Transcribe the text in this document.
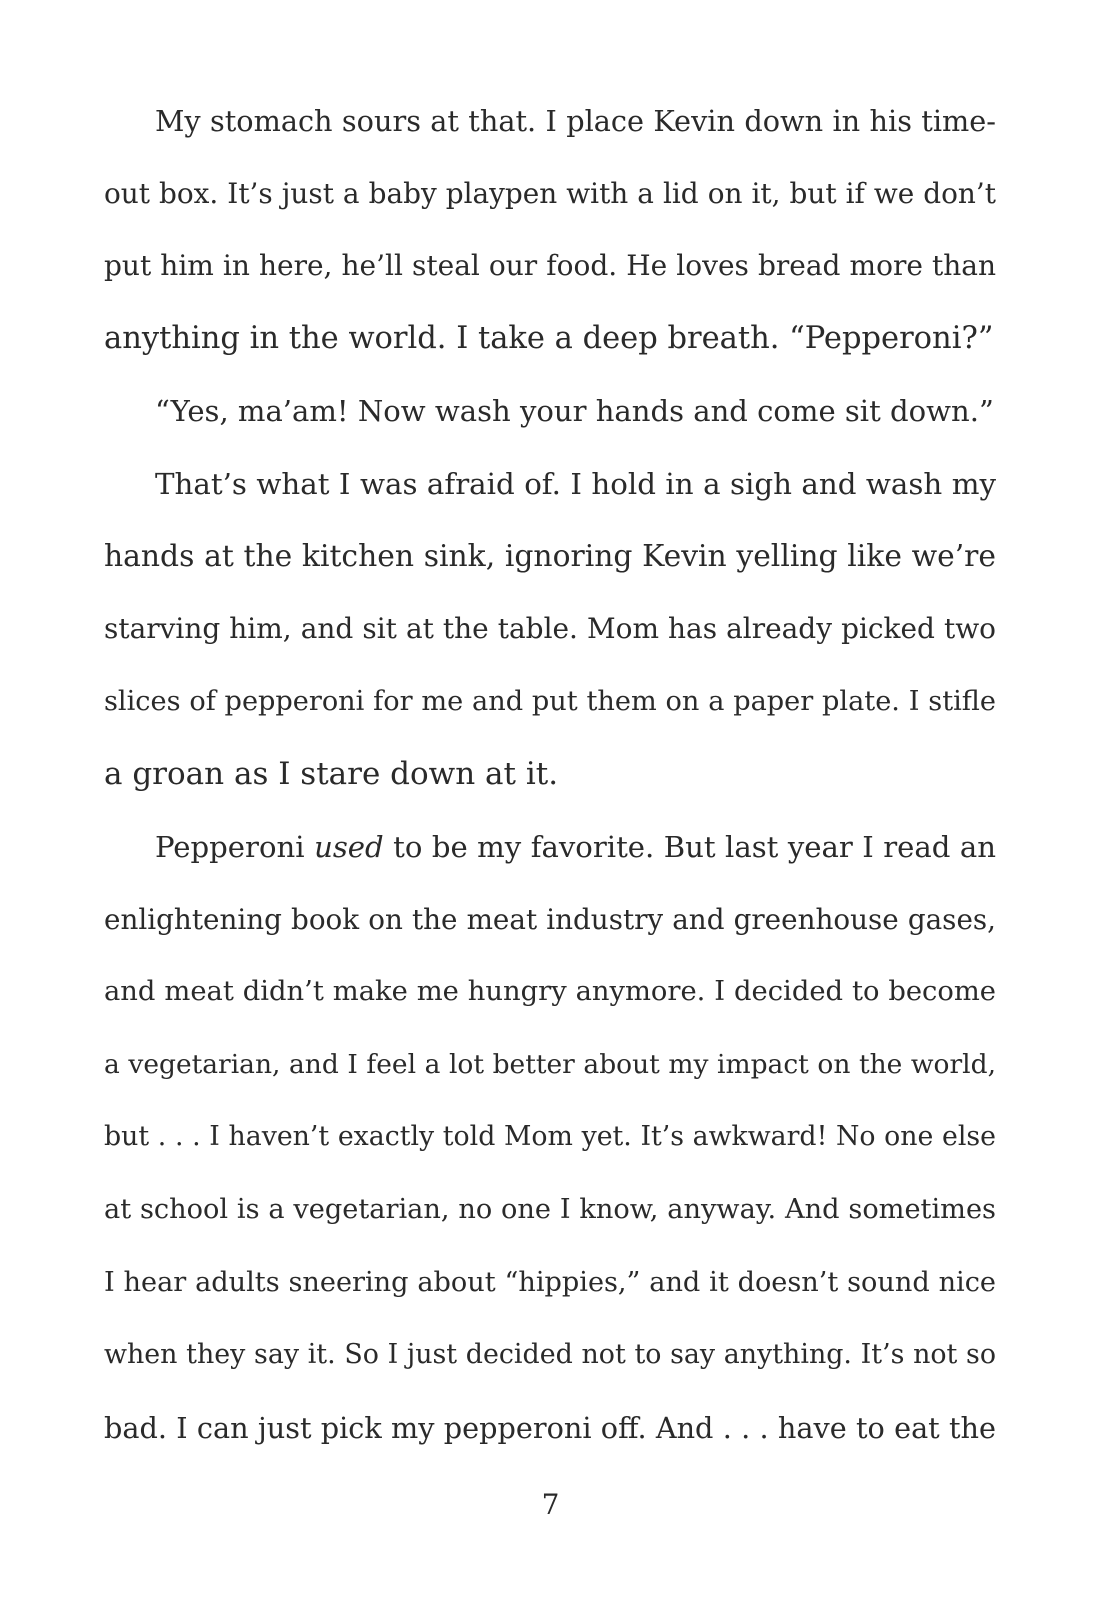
My stomach sours at that. I place Kevin down in his time-
out box. It’s just a baby playpen with a lid on it, but if we don’t
put him in here, he’ll steal our food. He loves bread more than
anything in the world. I take a deep breath. “Pepperoni?”
“Yes, ma’am! Now wash your hands and come sit down.”
That’s what I was afraid of. I hold in a sigh and wash my
hands at the kitchen sink, ignoring Kevin yelling like we’re
starving him, and sit at the table. Mom has already picked two
slices of pepperoni for me and put them on a paper plate. I stifle
a groan as I stare down at it.
Pepperoni used to be my favorite. But last year I read an
enlightening book on the meat industry and greenhouse gases,
and meat didn’t make me hungry anymore. I decided to become
a vegetarian, and I feel a lot better about my impact on the world,
but . . . I haven’t exactly told Mom yet. It’s awkward! No one else
at school is a vegetarian, no one I know, anyway. And sometimes
I hear adults sneering about “hippies,” and it doesn’t sound nice
when they say it. So I just decided not to say anything. It’s not so
bad. I can just pick my pepperoni off. And . . . have to eat the
7
